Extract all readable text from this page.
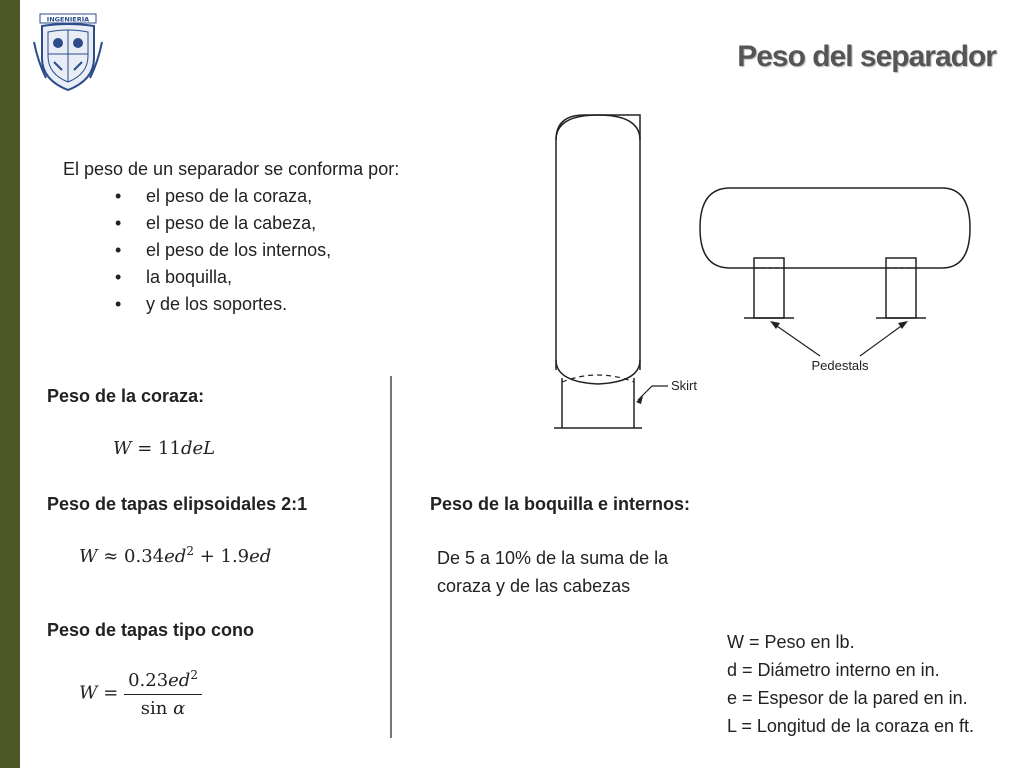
INGENIERÍA
Peso del separador
El peso de un separador se conforma por:
• el peso de la coraza,
• el peso de la cabeza,
• el peso de los internos,
• la boquilla,
• y de los soportes.
Skirt
Pedestals
Peso de la coraza:
W = 11deL
Peso de tapas elipsoidales 2:1
$W \approx 0.34ed^2 + 1.9ed$
Peso de tapas tipo cono
$W = \frac{0.23ed^2}{\text{sin α}}$
Peso de la boquilla e internos:
De 5 a 10% de la suma de la
coraza y de las cabezas
W = Peso en lb.
d = Diámetro interno en in.
e = Espesor de la pared en in.
L = Longitud de la coraza en ft.
